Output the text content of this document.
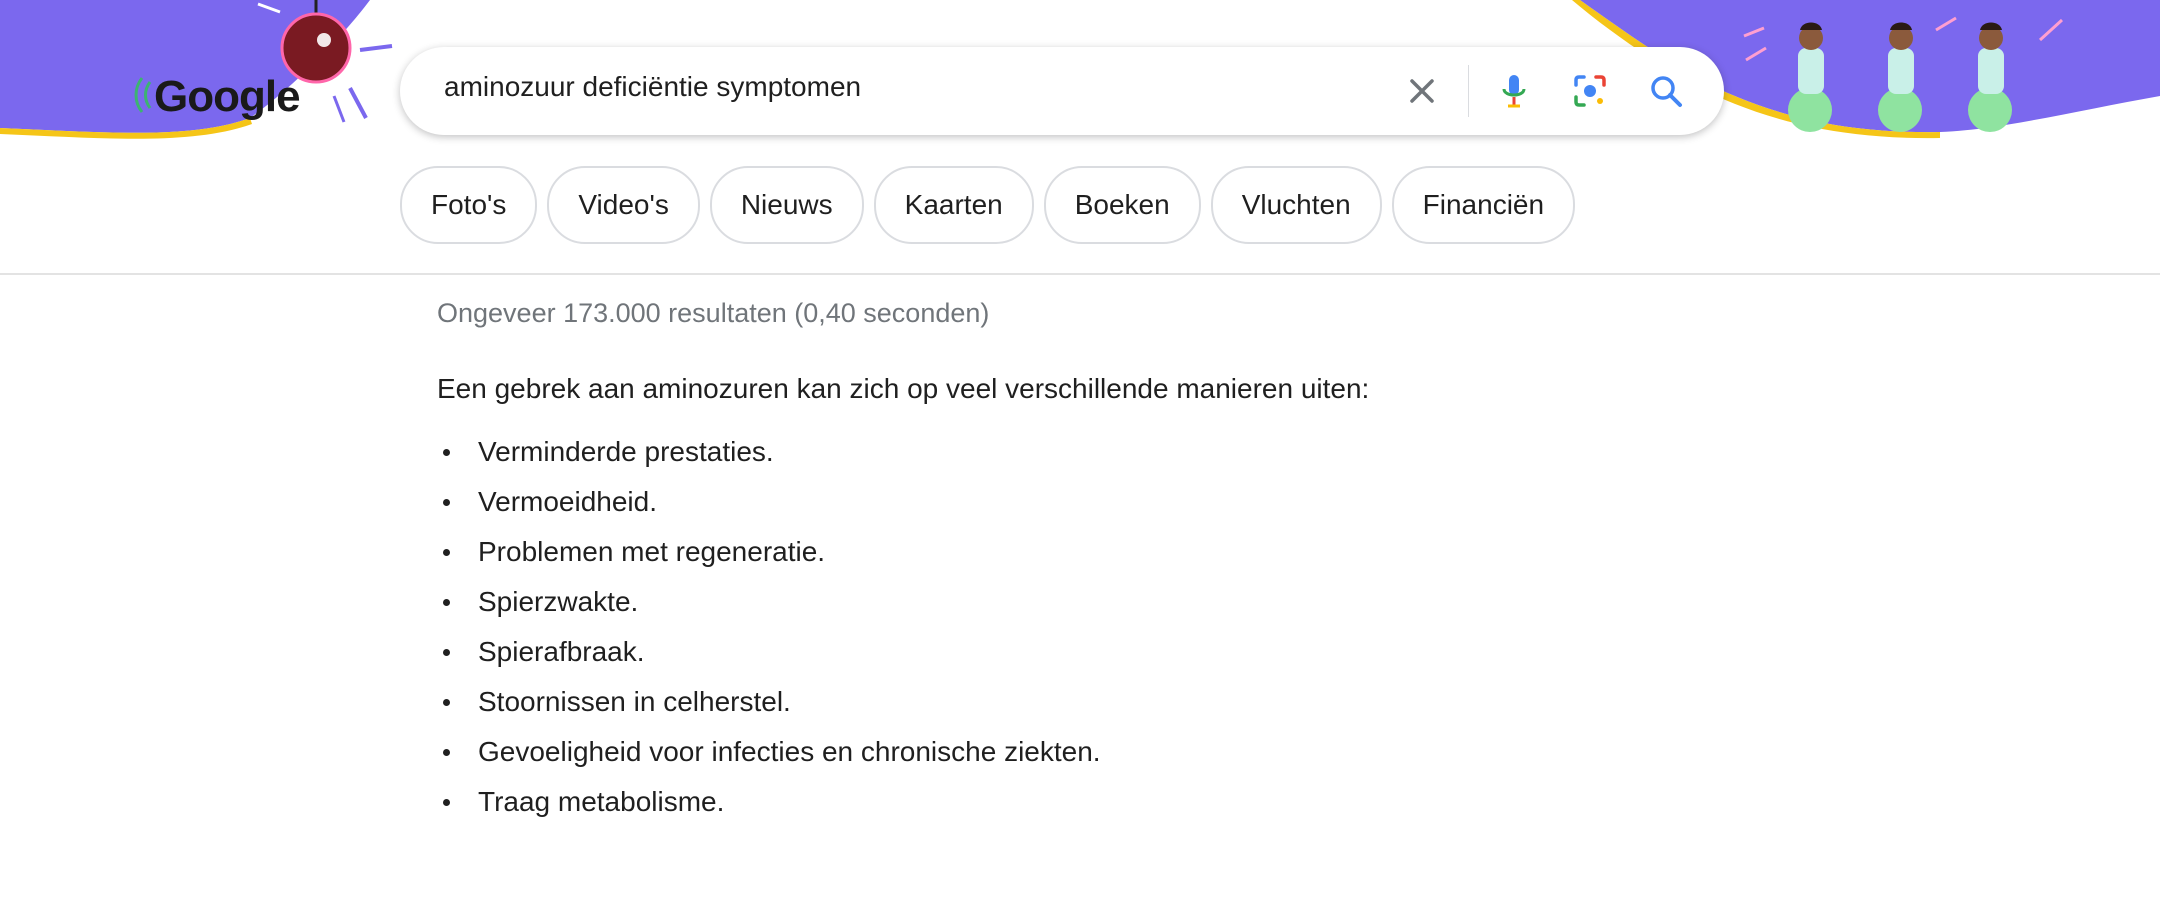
Google	aminozuur deficiëntie symptomen
Foto's	Video's	Nieuws	Kaarten	Boeken	Vluchten	Financiën
Ongeveer 173.000 resultaten (0,40 seconden)
Een gebrek aan aminozuren kan zich op veel verschillende manieren uiten:
Verminderde prestaties.
Vermoeidheid.
Problemen met regeneratie.
Spierzwakte.
Spierafbraak.
Stoornissen in celherstel.
Gevoeligheid voor infecties en chronische ziekten.
Traag metabolisme.
